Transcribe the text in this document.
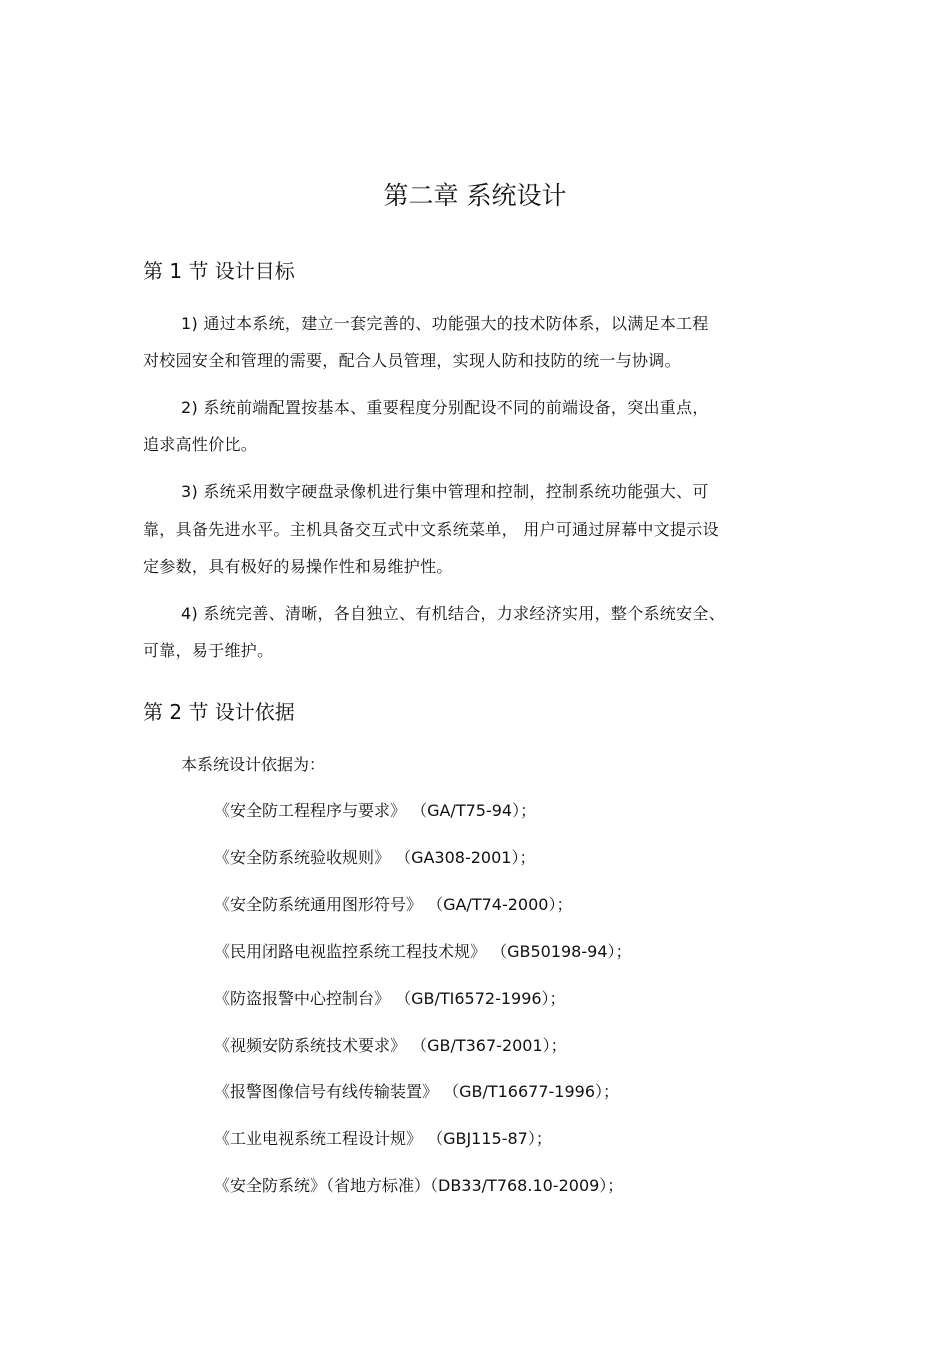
第二章 系统设计
第 1 节 设计目标
1) 通过本系统，建立一套完善的、功能强大的技术防体系，以满足本工程
对校园安全和管理的需要，配合人员管理，实现人防和技防的统一与协调。
2) 系统前端配置按基本、重要程度分别配设不同的前端设备，突出重点，
追求高性价比。
3) 系统采用数字硬盘录像机进行集中管理和控制，控制系统功能强大、可
靠，具备先进水平。主机具备交互式中文系统菜单， 用户可通过屏幕中文提示设
定参数，具有极好的易操作性和易维护性。
4) 系统完善、清晰，各自独立、有机结合，力求经济实用，整个系统安全、
可靠，易于维护。
第 2 节 设计依据
本系统设计依据为：
《安全防工程程序与要求》 （GA/T75-94）；
《安全防系统验收规则》 （GA308-2001）；
《安全防系统通用图形符号》 （GA/T74-2000）；
《民用闭路电视监控系统工程技术规》 （GB50198-94）；
《防盗报警中心控制台》 （GB/TI6572-1996）；
《视频安防系统技术要求》 （GB/T367-2001）；
《报警图像信号有线传输装置》 （GB/T16677-1996）；
《工业电视系统工程设计规》 （GBJ115-87）；
《安全防系统》（省地方标准）（DB33/T768.10-2009）；
